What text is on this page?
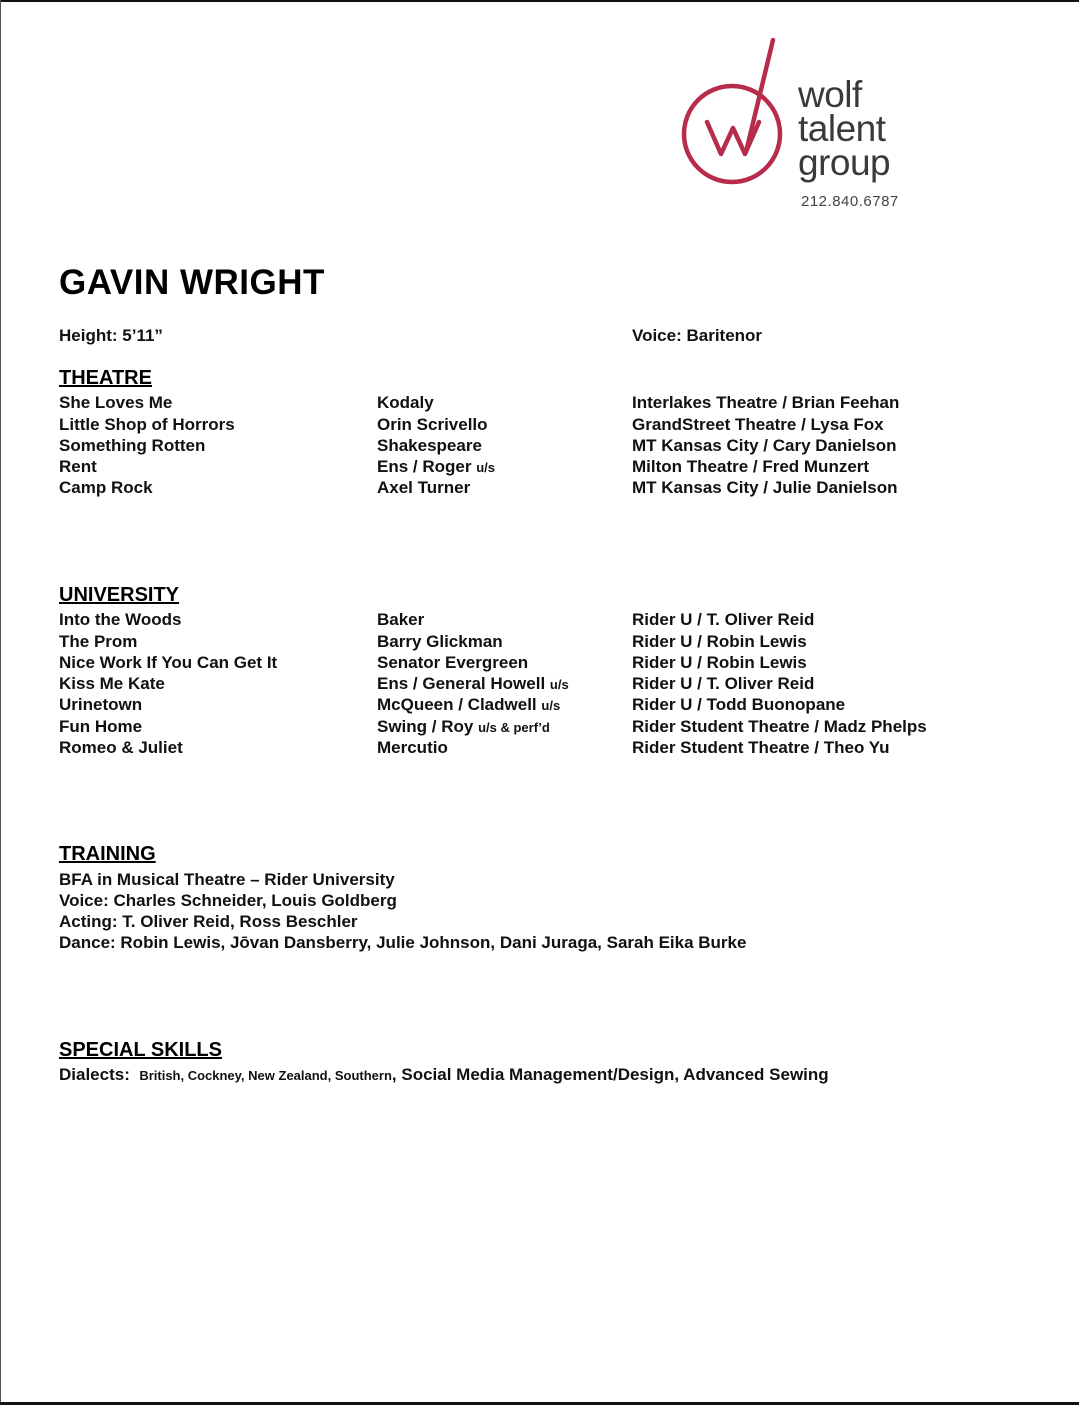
wolf
talent
group
212.840.6787
GAVIN WRIGHT
Height: 5’11”	Voice: Baritenor
THEATRE
She Loves Me	Kodaly	Interlakes Theatre / Brian Feehan
Little Shop of Horrors	Orin Scrivello	GrandStreet Theatre / Lysa Fox
Something Rotten	Shakespeare	MT Kansas City / Cary Danielson
Rent	Ens / Roger u/s	Milton Theatre / Fred Munzert
Camp Rock	Axel Turner	MT Kansas City / Julie Danielson
UNIVERSITY
Into the Woods	Baker	Rider U / T. Oliver Reid
The Prom	Barry Glickman	Rider U / Robin Lewis
Nice Work If You Can Get It	Senator Evergreen	Rider U / Robin Lewis
Kiss Me Kate	Ens / General Howell u/s	Rider U / T. Oliver Reid
Urinetown	McQueen / Cladwell u/s	Rider U / Todd Buonopane
Fun Home	Swing / Roy u/s & perf’d	Rider Student Theatre / Madz Phelps
Romeo & Juliet	Mercutio	Rider Student Theatre / Theo Yu
TRAINING
BFA in Musical Theatre – Rider University
Voice: Charles Schneider, Louis Goldberg
Acting: T. Oliver Reid, Ross Beschler
Dance: Robin Lewis, Jōvan Dansberry, Julie Johnson, Dani Juraga, Sarah Eika Burke
SPECIAL SKILLS
Dialects:  British, Cockney, New Zealand, Southern, Social Media Management/Design, Advanced Sewing
